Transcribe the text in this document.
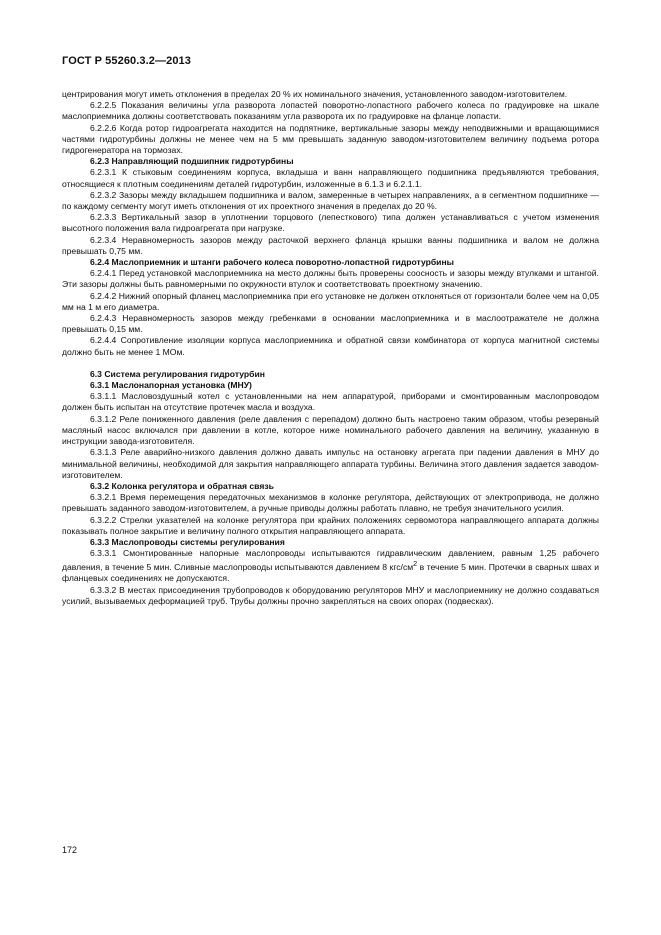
ГОСТ Р 55260.3.2—2013

центрирования могут иметь отклонения в пределах 20 % их номинального значения, установленного заводом-изготовителем.

6.2.2.5 Показания величины угла разворота лопастей поворотно-лопастного рабочего колеса по градуировке на шкале маслоприемника должны соответствовать показаниям угла разворота их по градуировке на фланце лопасти.

6.2.2.6 Когда ротор гидроагрегата находится на подпятнике, вертикальные зазоры между неподвижными и вращающимися частями гидротурбины должны не менее чем на 5 мм превышать заданную заводом-изготовителем величину подъема ротора гидрогенератора на тормозах.

6.2.3 Направляющий подшипник гидротурбины

6.2.3.1 К стыковым соединениям корпуса, вкладыша и ванн направляющего подшипника предъявляются требования, относящиеся к плотным соединениям деталей гидротурбин, изложенные в 6.1.3 и 6.2.1.1.

6.2.3.2 Зазоры между вкладышем подшипника и валом, замеренные в четырех направлениях, а в сегментном подшипнике — по каждому сегменту могут иметь отклонения от их проектного значения в пределах до 20 %.

6.2.3.3 Вертикальный зазор в уплотнении торцового (лепесткового) типа должен устанавливаться с учетом изменения высотного положения вала гидроагрегата при нагрузке.

6.2.3.4 Неравномерность зазоров между расточкой верхнего фланца крышки ванны подшипника и валом не должна превышать 0,75 мм.

6.2.4 Маслоприемник и штанги рабочего колеса поворотно-лопастной гидротурбины

6.2.4.1 Перед установкой маслоприемника на место должны быть проверены соосность и зазоры между втулками и штангой. Эти зазоры должны быть равномерными по окружности втулок и соответствовать проектному значению.

6.2.4.2 Нижний опорный фланец маслоприемника при его установке не должен отклоняться от горизонтали более чем на 0,05 мм на 1 м его диаметра.

6.2.4.3 Неравномерность зазоров между гребенками в основании маслоприемника и в маслоотражателе не должна превышать 0,15 мм.

6.2.4.4 Сопротивление изоляции корпуса маслоприемника и обратной связи комбинатора от корпуса магнитной системы должно быть не менее 1 МОм.

6.3 Система регулирования гидротурбин

6.3.1 Маслонапорная установка (МНУ)

6.3.1.1 Масловоздушный котел с установленными на нем аппаратурой, приборами и смонтированным маслопроводом должен быть испытан на отсутствие протечек масла и воздуха.

6.3.1.2 Реле пониженного давления (реле давления с перепадом) должно быть настроено таким образом, чтобы резервный масляный насос включался при давлении в котле, которое ниже номинального рабочего давления на величину, указанную в инструкции завода-изготовителя.

6.3.1.3 Реле аварийно-низкого давления должно давать импульс на остановку агрегата при падении давления в МНУ до минимальной величины, необходимой для закрытия направляющего аппарата турбины. Величина этого давления задается заводом-изготовителем.

6.3.2 Колонка регулятора и обратная связь

6.3.2.1 Время перемещения передаточных механизмов в колонке регулятора, действующих от электропривода, не должно превышать заданного заводом-изготовителем, а ручные приводы должны работать плавно, не требуя значительного усилия.

6.3.2.2 Стрелки указателей на колонке регулятора при крайних положениях сервомотора направляющего аппарата должны показывать полное закрытие и величину полного открытия направляющего аппарата.

6.3.3 Маслопроводы системы регулирования

6.3.3.1 Смонтированные напорные маслопроводы испытываются гидравлическим давлением, равным 1,25 рабочего давления, в течение 5 мин. Сливные маслопроводы испытываются давлением 8 кгс/$см^2$ в течение 5 мин. Протечки в сварных швах и фланцевых соединениях не допускаются.

6.3.3.2 В местах присоединения трубопроводов к оборудованию регуляторов МНУ и маслоприемнику не должно создаваться усилий, вызываемых деформацией труб. Трубы должны прочно закрепляться на своих опорах (подвесках).

172
